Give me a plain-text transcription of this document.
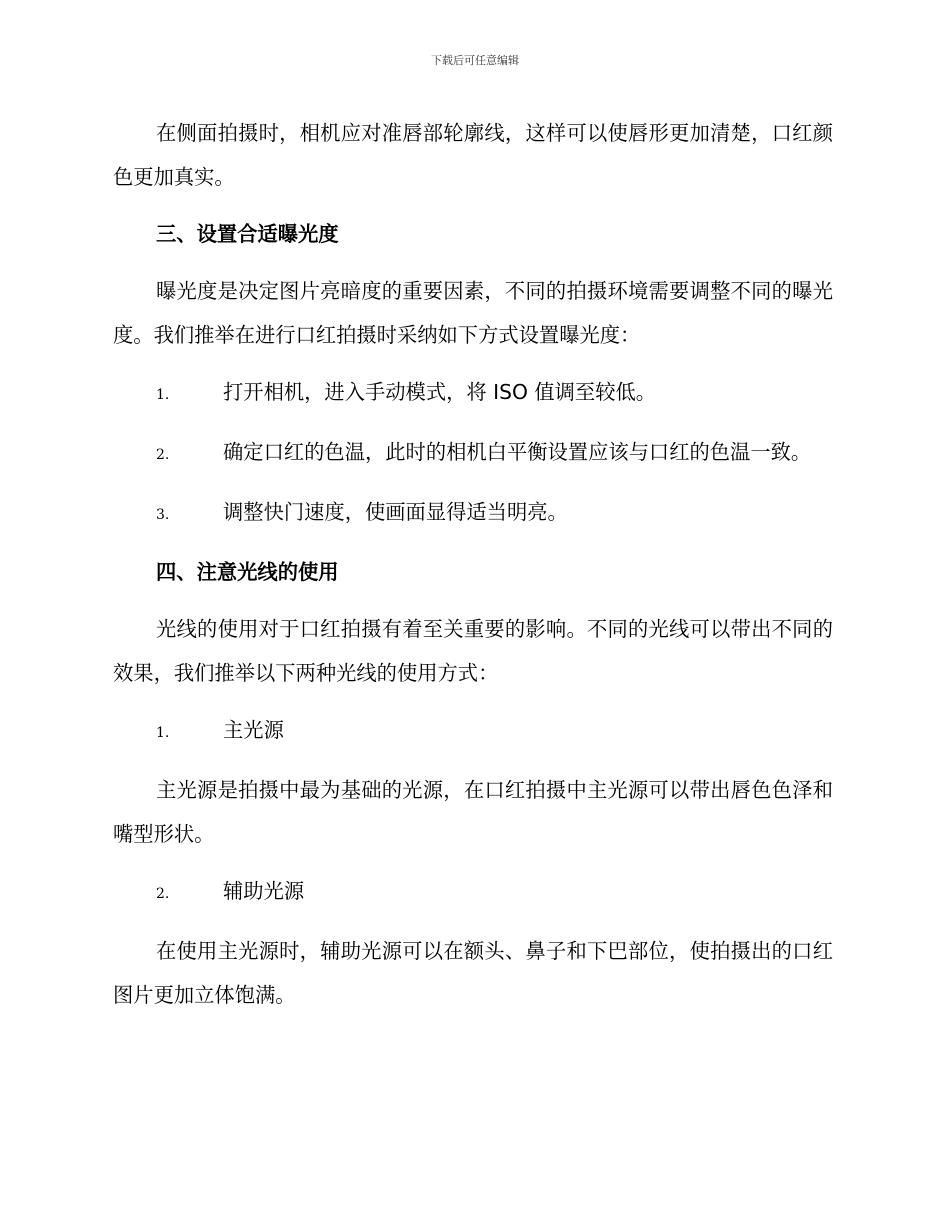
下载后可任意编辑

在侧面拍摄时，相机应对准唇部轮廓线，这样可以使唇形更加清楚，口红颜色更加真实。

三、设置合适曝光度

曝光度是决定图片亮暗度的重要因素，不同的拍摄环境需要调整不同的曝光度。我们推举在进行口红拍摄时采纳如下方式设置曝光度：

1.	打开相机，进入手动模式，将 ISO 值调至较低。

2.	确定口红的色温，此时的相机白平衡设置应该与口红的色温一致。

3.	调整快门速度，使画面显得适当明亮。

四、注意光线的使用

光线的使用对于口红拍摄有着至关重要的影响。不同的光线可以带出不同的效果，我们推举以下两种光线的使用方式：

1.	主光源

主光源是拍摄中最为基础的光源，在口红拍摄中主光源可以带出唇色色泽和嘴型形状。

2.	辅助光源

在使用主光源时，辅助光源可以在额头、鼻子和下巴部位，使拍摄出的口红图片更加立体饱满。
